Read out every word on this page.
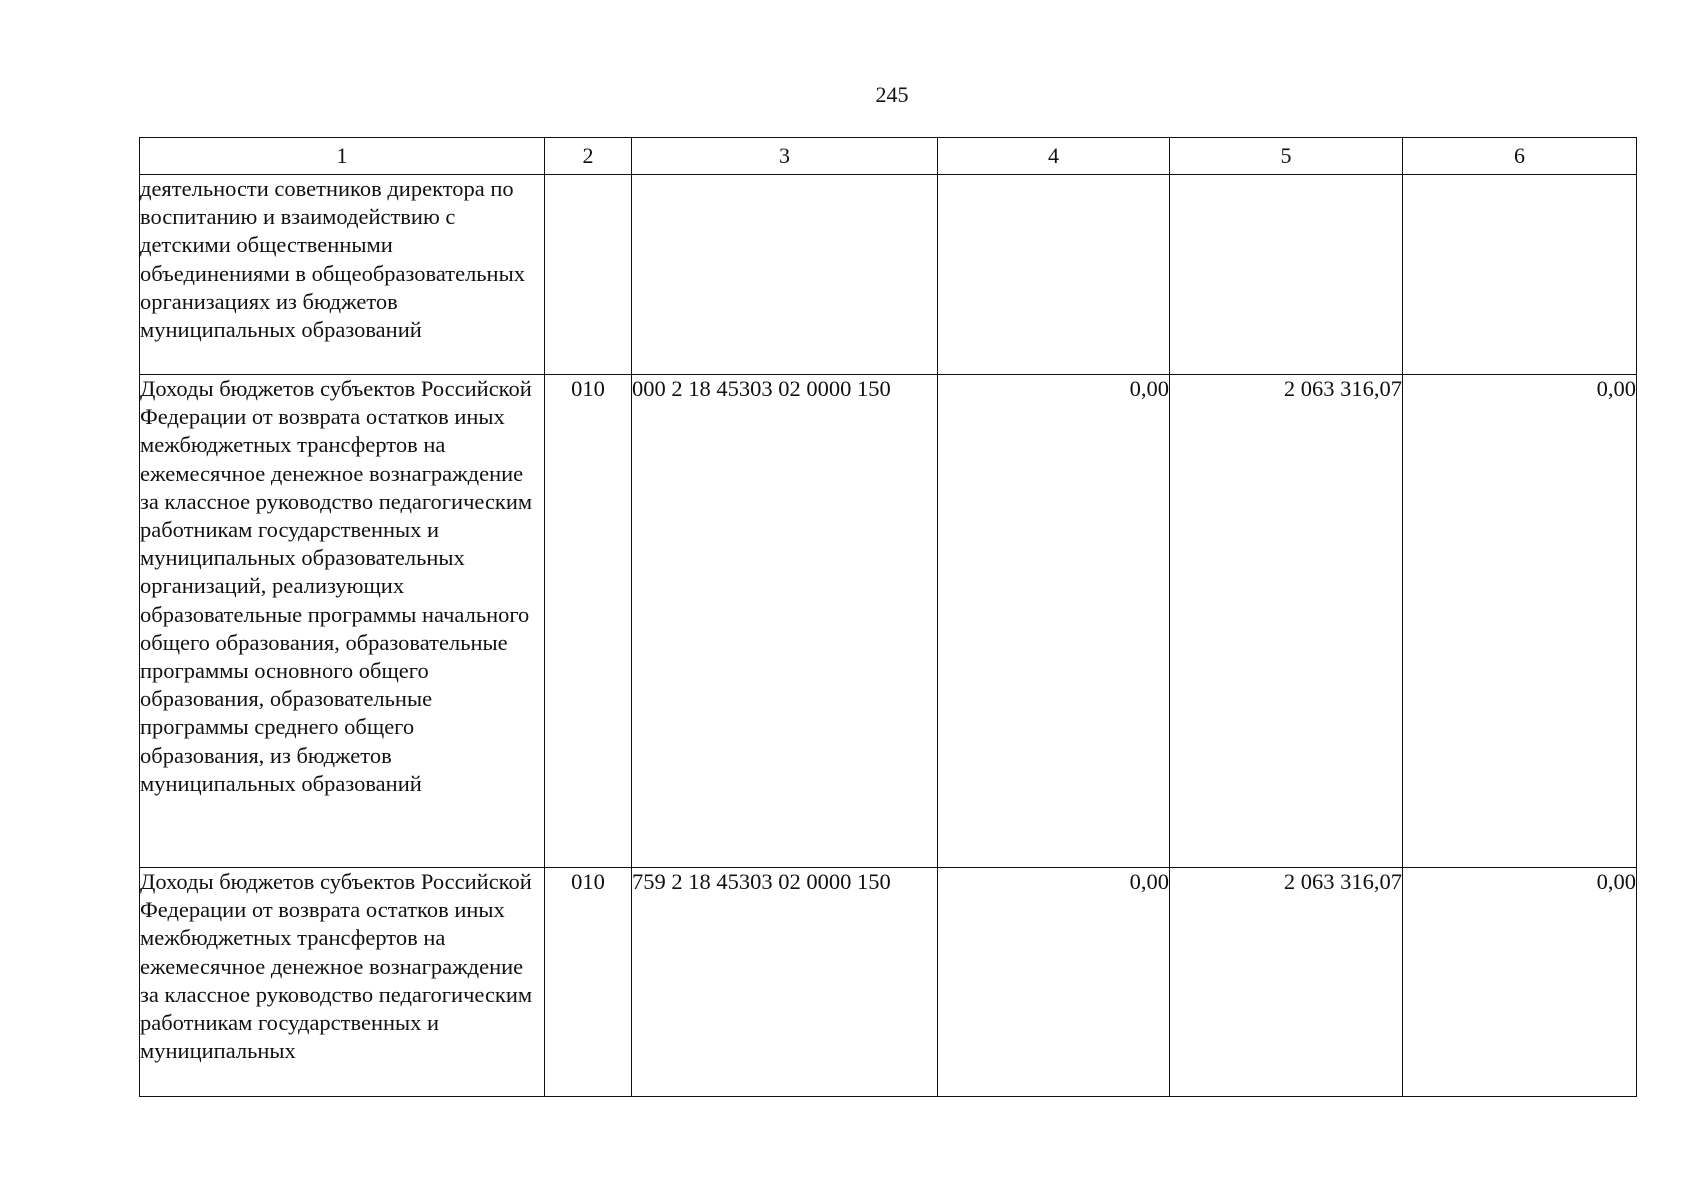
245
1	2	3	4	5	6
деятельности советников директора по воспитанию и взаимодействию с детскими общественными объединениями в общеобразовательных организациях из бюджетов муниципальных образований					
Доходы бюджетов субъектов Российской Федерации от возврата остатков иных межбюджетных трансфертов на ежемесячное денежное вознаграждение за классное руководство педагогическим работникам государственных и муниципальных образовательных организаций, реализующих образовательные программы начального общего образования, образовательные программы основного общего образования, образовательные программы среднего общего образования, из бюджетов муниципальных образований	010	000 2 18 45303 02 0000 150	0,00	2 063 316,07	0,00
Доходы бюджетов субъектов Российской Федерации от возврата остатков иных межбюджетных трансфертов на ежемесячное денежное вознаграждение за классное руководство педагогическим работникам государственных и муниципальных	010	759 2 18 45303 02 0000 150	0,00	2 063 316,07	0,00
